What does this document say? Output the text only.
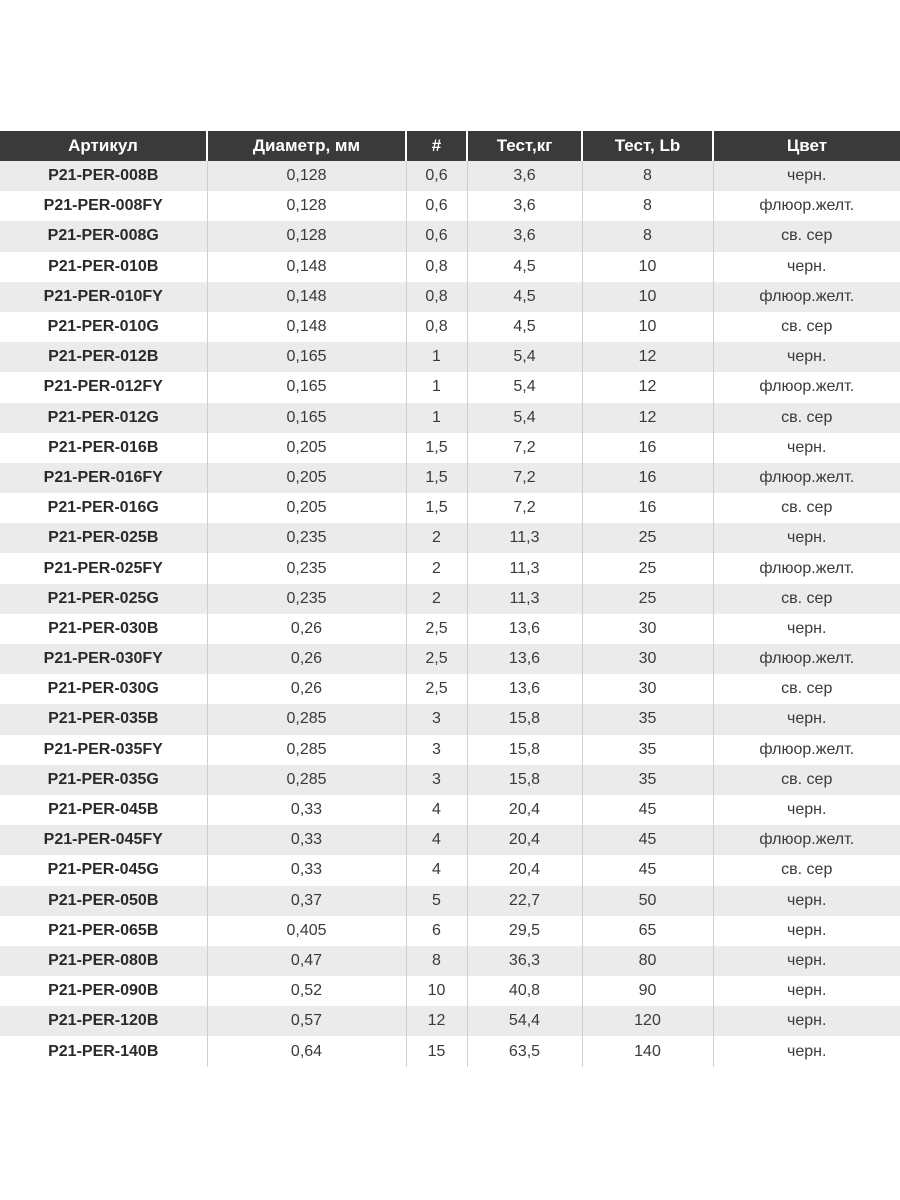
Артикул	Диаметр, мм	#	Тест,кг	Тест, Lb	Цвет
P21-PER-008B	0,128	0,6	3,6	8	черн.
P21-PER-008FY	0,128	0,6	3,6	8	флюор.желт.
P21-PER-008G	0,128	0,6	3,6	8	св. сер
P21-PER-010B	0,148	0,8	4,5	10	черн.
P21-PER-010FY	0,148	0,8	4,5	10	флюор.желт.
P21-PER-010G	0,148	0,8	4,5	10	св. сер
P21-PER-012B	0,165	1	5,4	12	черн.
P21-PER-012FY	0,165	1	5,4	12	флюор.желт.
P21-PER-012G	0,165	1	5,4	12	св. сер
P21-PER-016B	0,205	1,5	7,2	16	черн.
P21-PER-016FY	0,205	1,5	7,2	16	флюор.желт.
P21-PER-016G	0,205	1,5	7,2	16	св. сер
P21-PER-025B	0,235	2	11,3	25	черн.
P21-PER-025FY	0,235	2	11,3	25	флюор.желт.
P21-PER-025G	0,235	2	11,3	25	св. сер
P21-PER-030B	0,26	2,5	13,6	30	черн.
P21-PER-030FY	0,26	2,5	13,6	30	флюор.желт.
P21-PER-030G	0,26	2,5	13,6	30	св. сер
P21-PER-035B	0,285	3	15,8	35	черн.
P21-PER-035FY	0,285	3	15,8	35	флюор.желт.
P21-PER-035G	0,285	3	15,8	35	св. сер
P21-PER-045B	0,33	4	20,4	45	черн.
P21-PER-045FY	0,33	4	20,4	45	флюор.желт.
P21-PER-045G	0,33	4	20,4	45	св. сер
P21-PER-050B	0,37	5	22,7	50	черн.
P21-PER-065B	0,405	6	29,5	65	черн.
P21-PER-080B	0,47	8	36,3	80	черн.
P21-PER-090B	0,52	10	40,8	90	черн.
P21-PER-120B	0,57	12	54,4	120	черн.
P21-PER-140B	0,64	15	63,5	140	черн.
